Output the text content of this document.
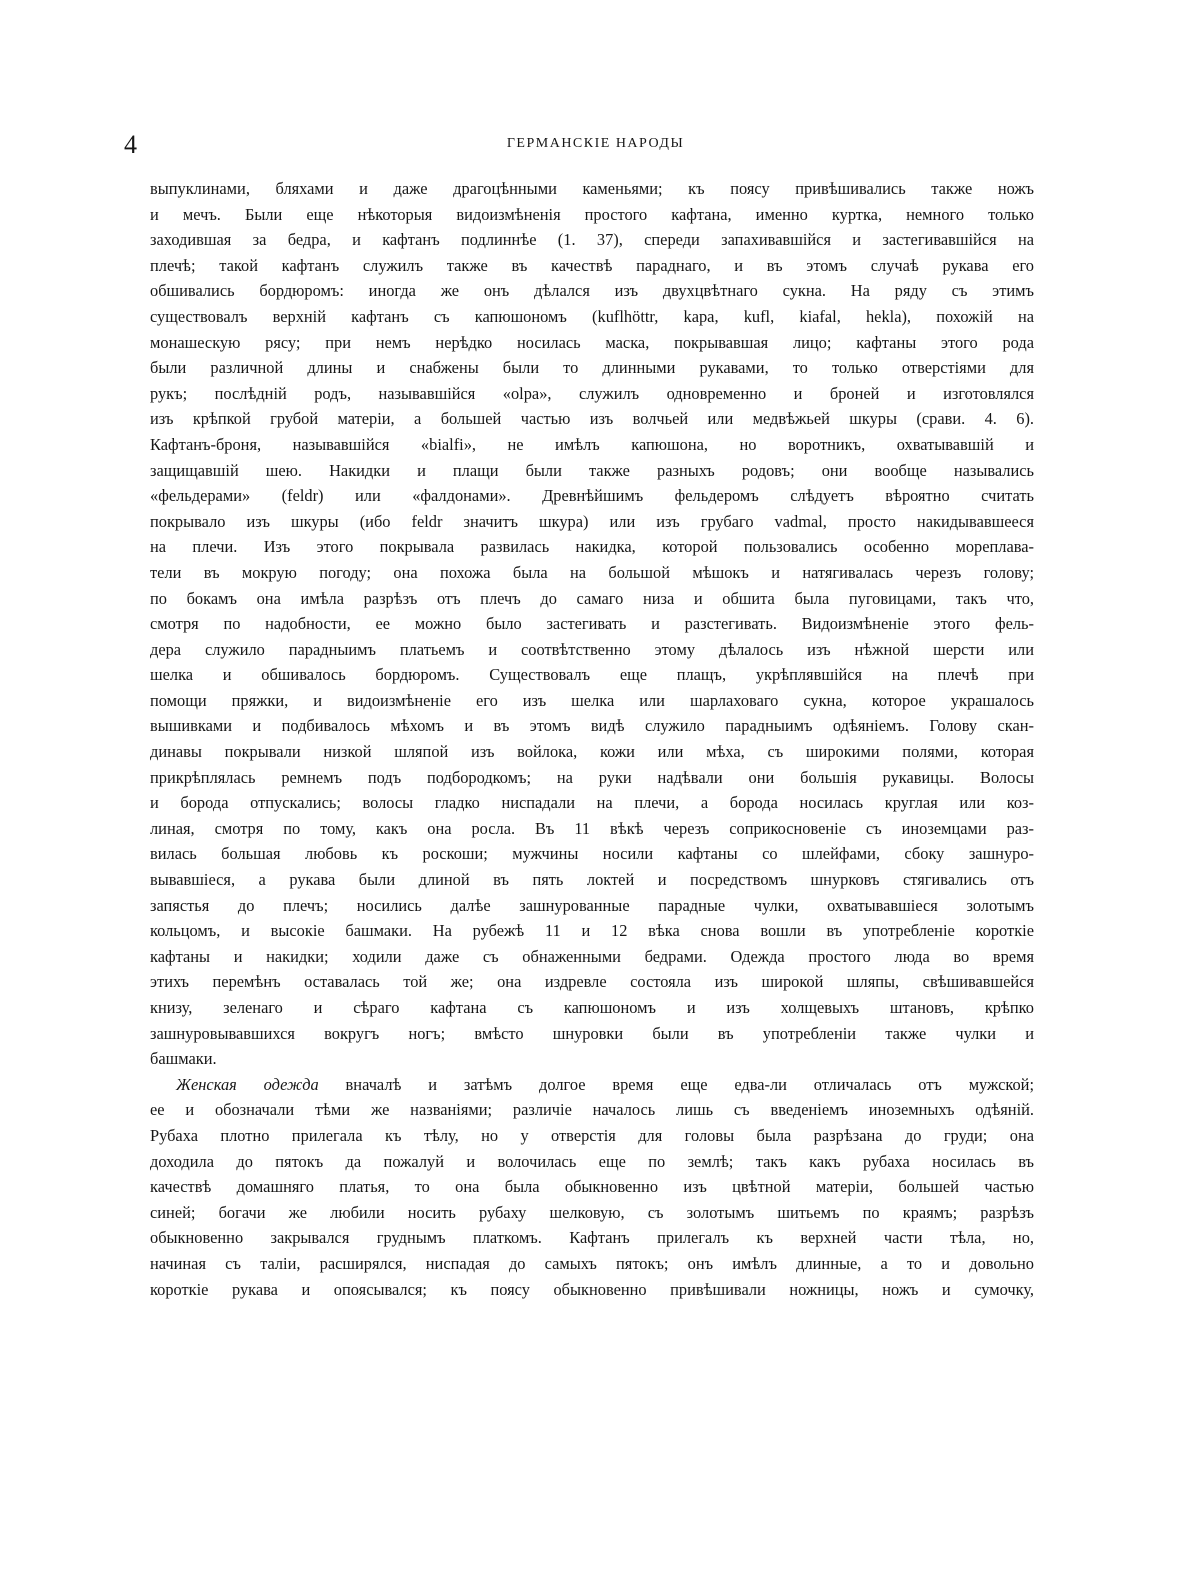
4	ГЕРМАНСКІЕ НАРОДЫ
выпуклинами, бляхами и даже драгоцѣнными каменьями; къ поясу привѣшивались также ножъ
и мечъ. Были еще нѣкоторыя видоизмѣненія простого кафтана, именно куртка, немного только
заходившая за бедра, и кафтанъ подлиннѣе (1. 37), спереди запахивавшійся и застегивавшійся на
плечѣ; такой кафтанъ служилъ также въ качествѣ параднаго, и въ этомъ случаѣ рукава его
обшивались бордюромъ: иногда же онъ дѣлался изъ двухцвѣтнаго сукна. На ряду съ этимъ
существовалъ верхній кафтанъ съ капюшономъ (kuflhöttr, kapa, kufl, kiafal, hekla), похожій на
монашескую рясу; при немъ нерѣдко носилась маска, покрывавшая лицо; кафтаны этого рода
были различной длины и снабжены были то длинными рукавами, то только отверстіями для
рукъ; послѣдній родъ, называвшійся «olpa», служилъ одновременно и броней и изготовлялся
изъ крѣпкой грубой матеріи, а большей частью изъ волчьей или медвѣжьей шкуры (срави. 4. 6).
Кафтанъ-броня, называвшійся «bialfi», не имѣлъ капюшона, но воротникъ, охватывавшій и
защищавшій шею. Накидки и плащи были также разныхъ родовъ; они вообще назывались
«фельдерами» (feldr) или «фалдонами». Древнѣйшимъ фельдеромъ слѣдуетъ вѣроятно считать
покрывало изъ шкуры (ибо feldr значитъ шкура) или изъ грубаго vadmal, просто накидывавшееся
на плечи. Изъ этого покрывала развилась накидка, которой пользовались особенно мореплава-
тели въ мокрую погоду; она похожа была на большой мѣшокъ и натягивалась черезъ голову;
по бокамъ она имѣла разрѣзъ отъ плечъ до самаго низа и обшита была пуговицами, такъ что,
смотря по надобности, ее можно было застегивать и разстегивать. Видоизмѣненіе этого фель-
дера служило парадныимъ платьемъ и соотвѣтственно этому дѣлалось изъ нѣжной шерсти или
шелка и обшивалось бордюромъ. Существовалъ еще плащъ, укрѣплявшійся на плечѣ при
помощи пряжки, и видоизмѣненіе его изъ шелка или шарлаховаго сукна, которое украшалось
вышивками и подбивалось мѣхомъ и въ этомъ видѣ служило парадныимъ одѣяніемъ. Голову скан-
динавы покрывали низкой шляпой изъ войлока, кожи или мѣха, съ широкими полями, которая
прикрѣплялась ремнемъ подъ подбородкомъ; на руки надѣвали они большія рукавицы. Волосы
и борода отпускались; волосы гладко ниспадали на плечи, а борода носилась круглая или коз-
линая, смотря по тому, какъ она росла. Въ 11 вѣкѣ черезъ соприкосновеніе съ иноземцами раз-
вилась большая любовь къ роскоши; мужчины носили кафтаны со шлейфами, сбоку зашнуро-
вывавшіеся, а рукава были длиной въ пять локтей и посредствомъ шнурковъ стягивались отъ
запястья до плечъ; носились далѣе зашнурованные парадные чулки, охватывавшіеся золотымъ
кольцомъ, и высокіе башмаки. На рубежѣ 11 и 12 вѣка снова вошли въ употребленіе короткіе
кафтаны и накидки; ходили даже съ обнаженными бедрами. Одежда простого люда во время
этихъ перемѣнъ оставалась той же; она издревле состояла изъ широкой шляпы, свѣшивавшейся
книзу, зеленаго и сѣраго кафтана съ капюшономъ и изъ холщевыхъ штановъ, крѣпко
зашнуровывавшихся вокругъ ногъ; вмѣсто шнуровки были въ употребленіи также чулки и
башмаки.
Женская одежда вначалѣ и затѣмъ долгое время еще едва-ли отличалась отъ мужской;
ее и обозначали тѣми же названіями; различіе началось лишь съ введеніемъ иноземныхъ одѣяній.
Рубаха плотно прилегала къ тѣлу, но у отверстія для головы была разрѣзана до груди; она
доходила до пятокъ да пожалуй и волочилась еще по землѣ; такъ какъ рубаха носилась въ
качествѣ домашняго платья, то она была обыкновенно изъ цвѣтной матеріи, большей частью
синей; богачи же любили носить рубаху шелковую, съ золотымъ шитьемъ по краямъ; разрѣзъ
обыкновенно закрывался груднымъ платкомъ. Кафтанъ прилегалъ къ верхней части тѣла, но,
начиная съ таліи, расширялся, ниспадая до самыхъ пятокъ; онъ имѣлъ длинные, а то и довольно
короткіе рукава и опоясывался; къ поясу обыкновенно привѣшивали ножницы, ножъ и сумочку,
